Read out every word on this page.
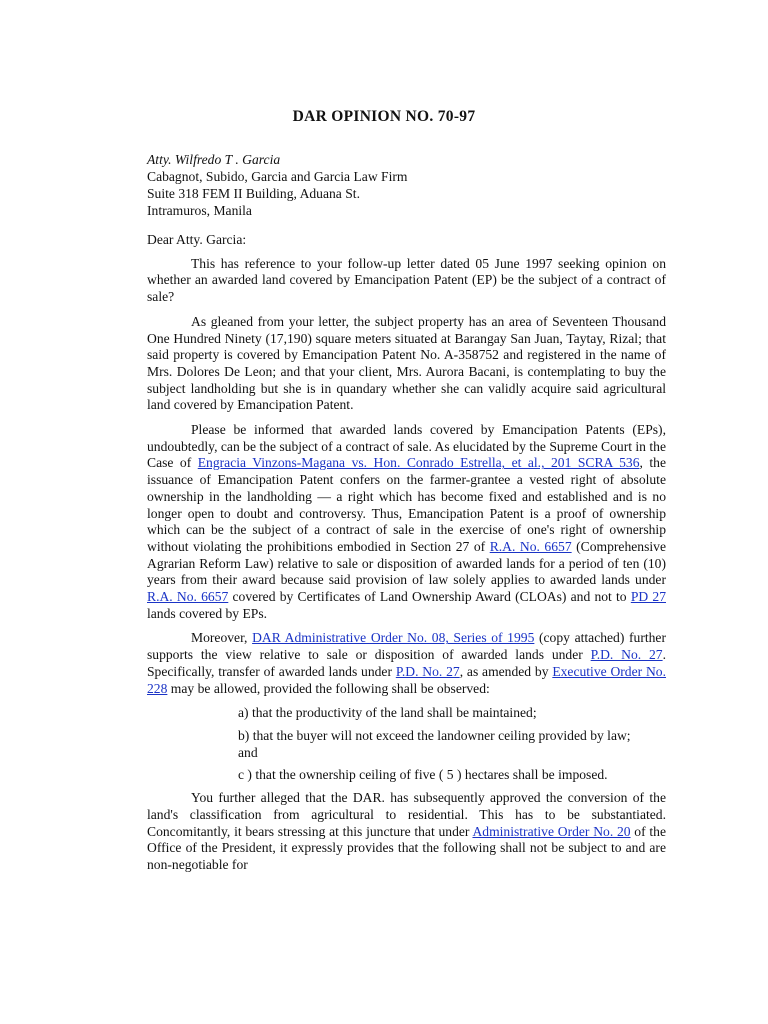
DAR OPINION NO. 70-97
Atty. Wilfredo T . Garcia
Cabagnot, Subido, Garcia and Garcia Law Firm
Suite 318 FEM II Building, Aduana St.
Intramuros, Manila
Dear Atty. Garcia:

This has reference to your follow-up letter dated 05 June 1997 seeking opinion on whether an awarded land covered by Emancipation Patent (EP) be the subject of a contract of sale?

As gleaned from your letter, the subject property has an area of Seventeen Thousand One Hundred Ninety (17,190) square meters situated at Barangay San Juan, Taytay, Rizal; that said property is covered by Emancipation Patent No. A-358752 and registered in the name of Mrs. Dolores De Leon; and that your client, Mrs. Aurora Bacani, is contemplating to buy the subject landholding but she is in quandary whether she can validly acquire said agricultural land covered by Emancipation Patent.

Please be informed that awarded lands covered by Emancipation Patents (EPs), undoubtedly, can be the subject of a contract of sale. As elucidated by the Supreme Court in the Case of Engracia Vinzons-Magana vs. Hon. Conrado Estrella, et al., 201 SCRA 536, the issuance of Emancipation Patent confers on the farmer-grantee a vested right of absolute ownership in the landholding — a right which has become fixed and established and is no longer open to doubt and controversy. Thus, Emancipation Patent is a proof of ownership which can be the subject of a contract of sale in the exercise of one's right of ownership without violating the prohibitions embodied in Section 27 of R.A. No. 6657 (Comprehensive Agrarian Reform Law) relative to sale or disposition of awarded lands for a period of ten (10) years from their award because said provision of law solely applies to awarded lands under R.A. No. 6657 covered by Certificates of Land Ownership Award (CLOAs) and not to PD 27 lands covered by EPs.

Moreover, DAR Administrative Order No. 08, Series of 1995 (copy attached) further supports the view relative to sale or disposition of awarded lands under P.D. No. 27. Specifically, transfer of awarded lands under P.D. No. 27, as amended by Executive Order No. 228 may be allowed, provided the following shall be observed:

a) that the productivity of the land shall be maintained;
b) that the buyer will not exceed the landowner ceiling provided by law; and
c ) that the ownership ceiling of five ( 5 ) hectares shall be imposed.

You further alleged that the DAR. has subsequently approved the conversion of the land's classification from agricultural to residential. This has to be substantiated. Concomitantly, it bears stressing at this juncture that under Administrative Order No. 20 of the Office of the President, it expressly provides that the following shall not be subject to and are non-negotiable for
